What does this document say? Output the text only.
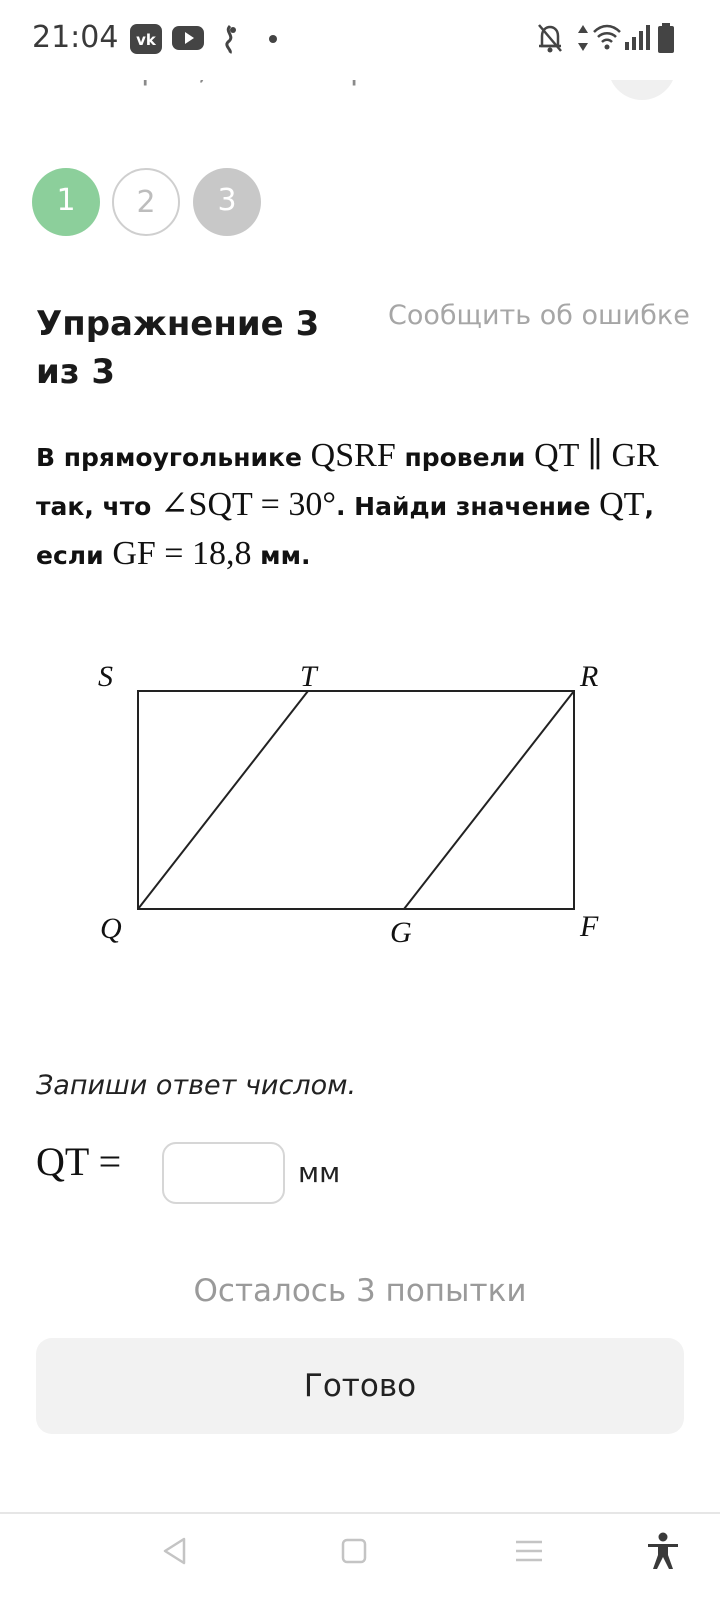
21:04 vk
1	2	3
Упражнение 3 из 3
Сообщить об ошибке
В прямоугольнике QSRF провели QT ∥ GR так, что ∠SQT = 30°. Найди значение QT, если GF = 18,8 мм.
S	T	R
Q	G	F
Запиши ответ числом.
QT =	мм
Осталось 3 попытки
Готово
